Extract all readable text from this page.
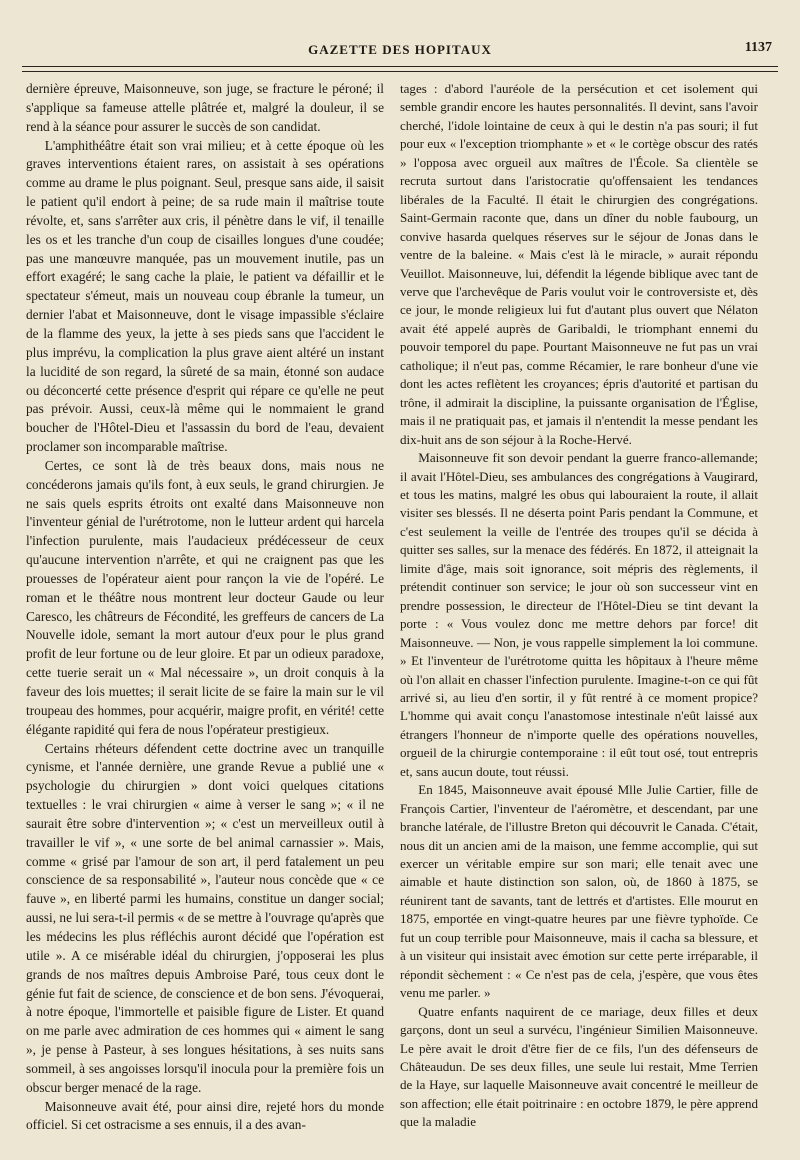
GAZETTE DES HOPITAUX	1137

dernière épreuve, Maisonneuve, son juge, se fracture le péroné; il s'applique sa fameuse attelle plâtrée et, malgré la douleur, il se rend à la séance pour assurer le succès de son candidat.

L'amphithéâtre était son vrai milieu; et à cette époque où les graves interventions étaient rares, on assistait à ses opérations comme au drame le plus poignant. Seul, presque sans aide, il saisit le patient qu'il endort à peine; de sa rude main il maîtrise toute révolte, et, sans s'arrêter aux cris, il pénètre dans le vif, il tenaille les os et les tranche d'un coup de cisailles longues d'une coudée; pas une manœuvre manquée, pas un mouvement inutile, pas un effort exagéré; le sang cache la plaie, le patient va défaillir et le spectateur s'émeut, mais un nouveau coup ébranle la tumeur, un dernier l'abat et Maisonneuve, dont le visage impassible s'éclaire de la flamme des yeux, la jette à ses pieds sans que l'accident le plus imprévu, la complication la plus grave aient altéré un instant la lucidité de son regard, la sûreté de sa main, étonné son audace ou déconcerté cette présence d'esprit qui répare ce qu'elle ne peut pas prévoir. Aussi, ceux-là même qui le nommaient le grand boucher de l'Hôtel-Dieu et l'assassin du bord de l'eau, devaient proclamer son incomparable maîtrise.

Certes, ce sont là de très beaux dons, mais nous ne concéderons jamais qu'ils font, à eux seuls, le grand chirurgien. Je ne sais quels esprits étroits ont exalté dans Maisonneuve non l'inventeur génial de l'urétrotome, non le lutteur ardent qui harcela l'infection purulente, mais l'audacieux prédécesseur de ceux qu'aucune intervention n'arrête, et qui ne craignent pas que les prouesses de l'opérateur aient pour rançon la vie de l'opéré. Le roman et le théâtre nous montrent leur docteur Gaude ou leur Caresco, les châtreurs de Fécondité, les greffeurs de cancers de La Nouvelle idole, semant la mort autour d'eux pour le plus grand profit de leur fortune ou de leur gloire. Et par un odieux paradoxe, cette tuerie serait un « Mal nécessaire », un droit conquis à la faveur des lois muettes; il serait licite de se faire la main sur le vil troupeau des hommes, pour acquérir, maigre profit, en vérité! cette élégante rapidité qui fera de nous l'opérateur prestigieux.

Certains rhéteurs défendent cette doctrine avec un tranquille cynisme, et l'année dernière, une grande Revue a publié une « psychologie du chirurgien » dont voici quelques citations textuelles : le vrai chirurgien « aime à verser le sang »; « il ne saurait être sobre d'intervention »; « c'est un merveilleux outil à travailler le vif », « une sorte de bel animal carnassier ». Mais, comme « grisé par l'amour de son art, il perd fatalement un peu conscience de sa responsabilité », l'auteur nous concède que « ce fauve », en liberté parmi les humains, constitue un danger social; aussi, ne lui sera-t-il permis « de se mettre à l'ouvrage qu'après que les médecins les plus réfléchis auront décidé que l'opération est utile ». A ce misérable idéal du chirurgien, j'opposerai les plus grands de nos maîtres depuis Ambroise Paré, tous ceux dont le génie fut fait de science, de conscience et de bon sens. J'évoquerai, à notre époque, l'immortelle et paisible figure de Lister. Et quand on me parle avec admiration de ces hommes qui « aiment le sang », je pense à Pasteur, à ses longues hésitations, à ses nuits sans sommeil, à ses angoisses lorsqu'il inocula pour la première fois un obscur berger menacé de la rage.

Maisonneuve avait été, pour ainsi dire, rejeté hors du monde officiel. Si cet ostracisme a ses ennuis, il a des avan-

tages : d'abord l'auréole de la persécution et cet isolement qui semble grandir encore les hautes personnalités. Il devint, sans l'avoir cherché, l'idole lointaine de ceux à qui le destin n'a pas souri; il fut pour eux « l'exception triomphante » et « le cortège obscur des ratés » l'opposa avec orgueil aux maîtres de l'École. Sa clientèle se recruta surtout dans l'aristocratie qu'offensaient les tendances libérales de la Faculté. Il était le chirurgien des congrégations. Saint-Germain raconte que, dans un dîner du noble faubourg, un convive hasarda quelques réserves sur le séjour de Jonas dans le ventre de la baleine. « Mais c'est là le miracle, » aurait répondu Veuillot. Maisonneuve, lui, défendit la légende biblique avec tant de verve que l'archevêque de Paris voulut voir le controversiste et, dès ce jour, le monde religieux lui fut d'autant plus ouvert que Nélaton avait été appelé auprès de Garibaldi, le triomphant ennemi du pouvoir temporel du pape. Pourtant Maisonneuve ne fut pas un vrai catholique; il n'eut pas, comme Récamier, le rare bonheur d'une vie dont les actes reflètent les croyances; épris d'autorité et partisan du trône, il admirait la discipline, la puissante organisation de l'Église, mais il ne pratiquait pas, et jamais il n'entendit la messe pendant les dix-huit ans de son séjour à la Roche-Hervé.

Maisonneuve fit son devoir pendant la guerre franco-allemande; il avait l'Hôtel-Dieu, ses ambulances des congrégations à Vaugirard, et tous les matins, malgré les obus qui labouraient la route, il allait visiter ses blessés. Il ne déserta point Paris pendant la Commune, et c'est seulement la veille de l'entrée des troupes qu'il se décida à quitter ses salles, sur la menace des fédérés. En 1872, il atteignait la limite d'âge, mais soit ignorance, soit mépris des règlements, il prétendit continuer son service; le jour où son successeur vint en prendre possession, le directeur de l'Hôtel-Dieu se tint devant la porte : « Vous voulez donc me mettre dehors par force! dit Maisonneuve. — Non, je vous rappelle simplement la loi commune. » Et l'inventeur de l'urétrotome quitta les hôpitaux à l'heure même où l'on allait en chasser l'infection purulente. Imagine-t-on ce qui fût arrivé si, au lieu d'en sortir, il y fût rentré à ce moment propice? L'homme qui avait conçu l'anastomose intestinale n'eût laissé aux étrangers l'honneur de n'importe quelle des opérations nouvelles, orgueil de la chirurgie contemporaine : il eût tout osé, tout entrepris et, sans aucun doute, tout réussi.

En 1845, Maisonneuve avait épousé Mlle Julie Cartier, fille de François Cartier, l'inventeur de l'aéromètre, et descendant, par une branche latérale, de l'illustre Breton qui découvrit le Canada. C'était, nous dit un ancien ami de la maison, une femme accomplie, qui sut exercer un véritable empire sur son mari; elle tenait avec une aimable et haute distinction son salon, où, de 1860 à 1875, se réunirent tant de savants, tant de lettrés et d'artistes. Elle mourut en 1875, emportée en vingt-quatre heures par une fièvre typhoïde. Ce fut un coup terrible pour Maisonneuve, mais il cacha sa blessure, et à un visiteur qui insistait avec émotion sur cette perte irréparable, il répondit sèchement : « Ce n'est pas de cela, j'espère, que vous êtes venu me parler. »

Quatre enfants naquirent de ce mariage, deux filles et deux garçons, dont un seul a survécu, l'ingénieur Similien Maisonneuve. Le père avait le droit d'être fier de ce fils, l'un des défenseurs de Châteaudun. De ses deux filles, une seule lui restait, Mme Terrien de la Haye, sur laquelle Maisonneuve avait concentré le meilleur de son affection; elle était poitrinaire : en octobre 1879, le père apprend que la maladie
